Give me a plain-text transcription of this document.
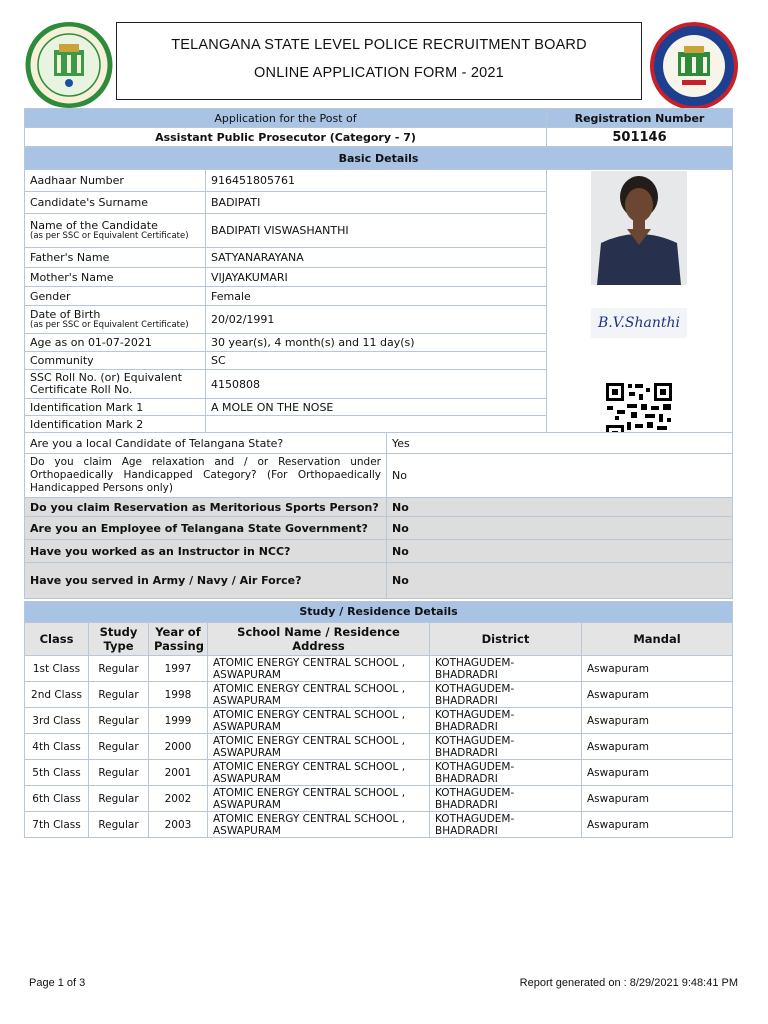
TELANGANA STATE LEVEL POLICE RECRUITMENT BOARD
ONLINE APPLICATION FORM - 2021
Application for the Post of	Registration Number
Assistant Public Prosecutor (Category - 7)	501146
Basic Details		
Aadhaar Number	916451805761	B.V.Shanthi

Candidate's Surname	BADIPATI	

Name of the Candidate
(as per SSC or Equivalent Certificate)	BADIPATI VISWASHANTHI	
Father's Name	SATYANARAYANA	
Mother's Name	VIJAYAKUMARI	
Gender	Female	

Date of Birth
(as per SSC or Equivalent Certificate)	20/02/1991	
Age as on 01-07-2021	30 year(s), 4 month(s) and 11 day(s)	
Community	SC	
SSC Roll No. (or) Equivalent Certificate Roll No.	4150808	
Identification Mark 1	A MOLE ON THE NOSE	
Identification Mark 2		
Are you a local Candidate of Telangana State?	Yes
Do you claim Age relaxation and / or Reservation under Orthopaedically Handicapped Category? (For Orthopaedically Handicapped Persons only)	No
Do you claim Reservation as Meritorious Sports Person?	No
Are you an Employee of Telangana State Government?	No
Have you worked as an Instructor in NCC?	No
Have you served in Army / Navy / Air Force?	No
Study / Residence Details					
Class	Study Type	Year of Passing	School Name / Residence Address	District	Mandal
1st Class	Regular	1997	ATOMIC ENERGY CENTRAL SCHOOL , ASWAPURAM	KOTHAGUDEM-BHADRADRI	Aswapuram
2nd Class	Regular	1998	ATOMIC ENERGY CENTRAL SCHOOL , ASWAPURAM	KOTHAGUDEM-BHADRADRI	Aswapuram
3rd Class	Regular	1999	ATOMIC ENERGY CENTRAL SCHOOL , ASWAPURAM	KOTHAGUDEM-BHADRADRI	Aswapuram
4th Class	Regular	2000	ATOMIC ENERGY CENTRAL SCHOOL , ASWAPURAM	KOTHAGUDEM-BHADRADRI	Aswapuram
5th Class	Regular	2001	ATOMIC ENERGY CENTRAL SCHOOL , ASWAPURAM	KOTHAGUDEM-BHADRADRI	Aswapuram
6th Class	Regular	2002	ATOMIC ENERGY CENTRAL SCHOOL , ASWAPURAM	KOTHAGUDEM-BHADRADRI	Aswapuram
7th Class	Regular	2003	ATOMIC ENERGY CENTRAL SCHOOL , ASWAPURAM	KOTHAGUDEM-BHADRADRI	Aswapuram
Page 1 of 3	Report generated on : 8/29/2021 9:48:41 PM
